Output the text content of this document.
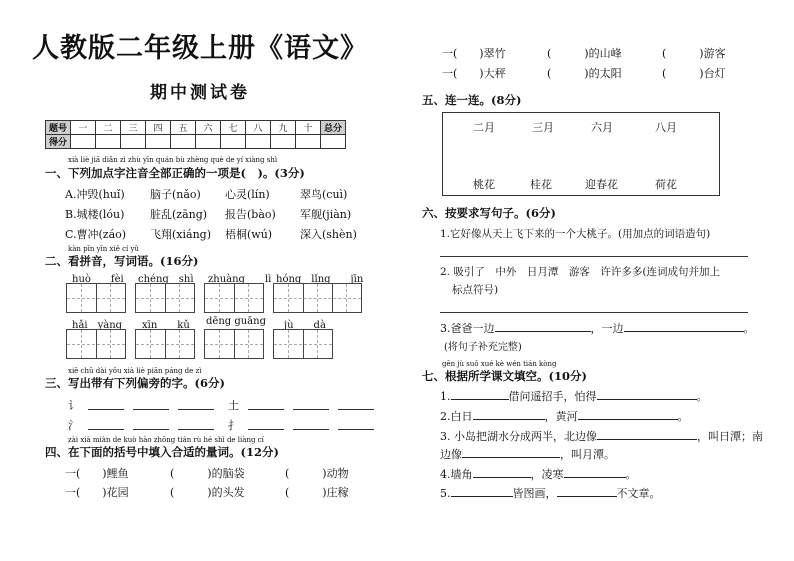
人教版二年级上册《语文》
期中测试卷
题号	一	二	三	四	五	六	七	八	九	十	总分
得分											
xià liè jiā diǎn zì zhù yīn quán bù zhèng què de yí xiàng shì
一、下列加点字注音全部正确的一项是(　)。(3分)
A.冲毁(huǐ)	脑子(nǎo)	心灵(lín)	翠鸟(cuì)
B.城楼(lóu)	脏乱(zāng)	报告(bào)	军舰(jiàn)
C.曹冲(záo)	飞翔(xiáng)	梧桐(wú)	深入(shèn)
kàn pīn yīn xiě cí yǔ
二、看拼音，写词语。(16分)
huò　　fèi chéng　shì zhuàng　　lì hóng　lǐng　　jīn
hǎi　yàng xīn　　kǔ dēng guāng jù　　dà
xiě chū dài yǒu xià liè piān páng de zì
三、写出带有下列偏旁的字。(6分)
讠	土
氵	扌
zài xià miàn de kuò hào zhōng tián rù hé shì de liàng cí
四、在下面的括号中填入合适的量词。(12分)
一(　　)鲤鱼	(　　　)的脑袋	(　　　)动物
一(　　)花园	(　　　)的头发	(　　　)庄稼
一(　　)翠竹	(　　　)的山峰	(　　　)游客
一(　　)大秤	(　　　)的太阳	(　　　)台灯
五、连一连。(8分)
二月	三月	六月	八月
桃花	桂花	迎春花	荷花
六、按要求写句子。(6分)
1.它好像从天上飞下来的一个大桃子。(用加点的词语造句)
2. 吸引了　中外　日月潭　游客　许许多多(连词成句并加上
标点符号)
3.爸爸一边	，一边	。
(将句子补充完整)
gēn jù suǒ xué kè wén tián kòng
七、根据所学课文填空。(10分)
1.	借问遥招手，怕得	。
2.白日	，黄河	。
3. 小岛把湖水分成两半，北边像	，叫日潭；南
边像	，叫月潭。
4.墙角	，凌寒	。
5.	皆图画，	不文章。
